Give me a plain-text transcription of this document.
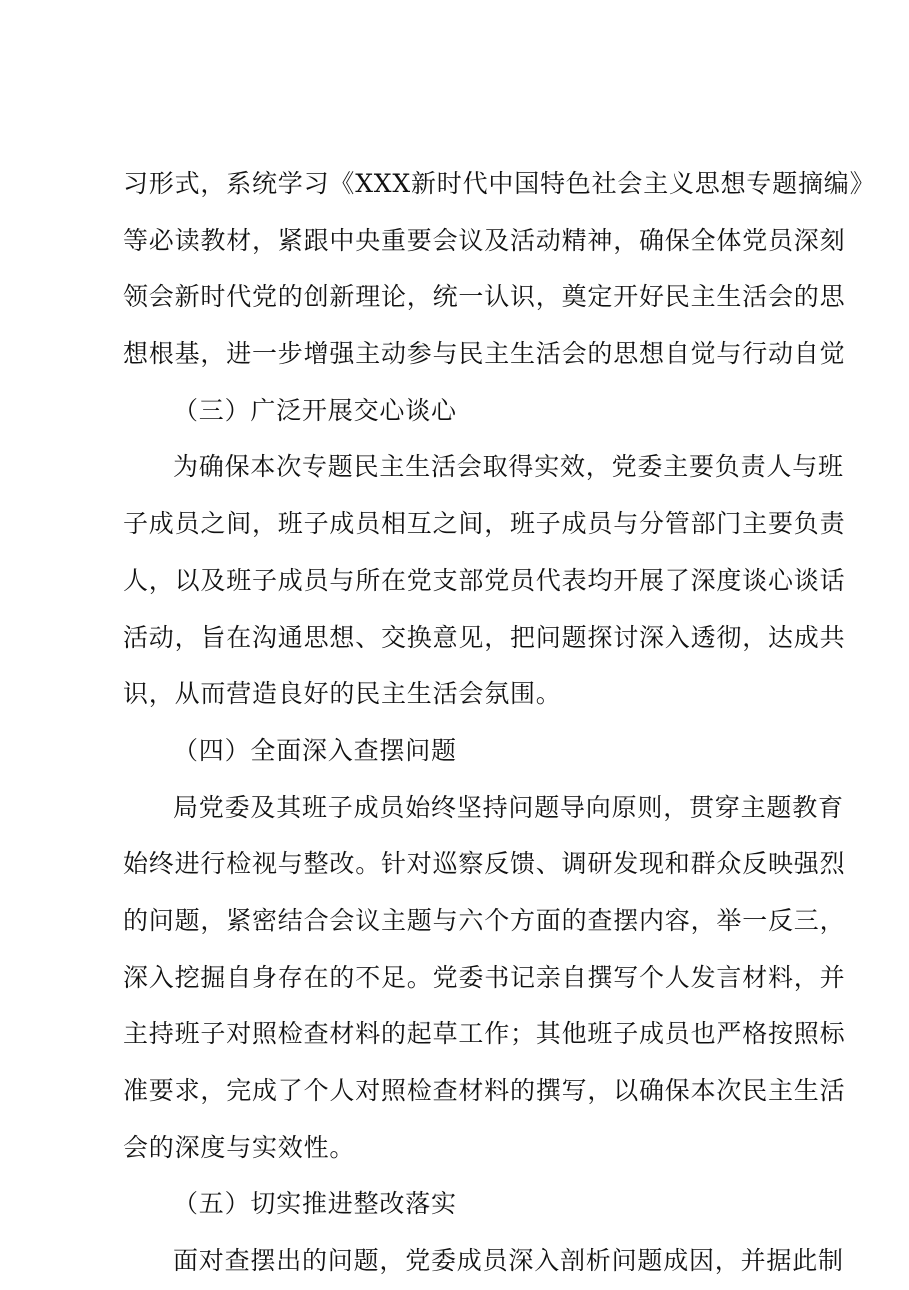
习形式，系统学习《XXX新时代中国特色社会主义思想专题摘编》
等必读教材，紧跟中央重要会议及活动精神，确保全体党员深刻
领会新时代党的创新理论，统一认识，奠定开好民主生活会的思
想根基，进一步增强主动参与民主生活会的思想自觉与行动自觉
（三）广泛开展交心谈心
为确保本次专题民主生活会取得实效，党委主要负责人与班
子成员之间，班子成员相互之间，班子成员与分管部门主要负责
人，以及班子成员与所在党支部党员代表均开展了深度谈心谈话
活动，旨在沟通思想、交换意见，把问题探讨深入透彻，达成共
识，从而营造良好的民主生活会氛围。
（四）全面深入查摆问题
局党委及其班子成员始终坚持问题导向原则，贯穿主题教育
始终进行检视与整改。针对巡察反馈、调研发现和群众反映强烈
的问题，紧密结合会议主题与六个方面的查摆内容，举一反三，
深入挖掘自身存在的不足。党委书记亲自撰写个人发言材料，并
主持班子对照检查材料的起草工作；其他班子成员也严格按照标
准要求，完成了个人对照检查材料的撰写，以确保本次民主生活
会的深度与实效性。
（五）切实推进整改落实
面对查摆出的问题，党委成员深入剖析问题成因，并据此制
